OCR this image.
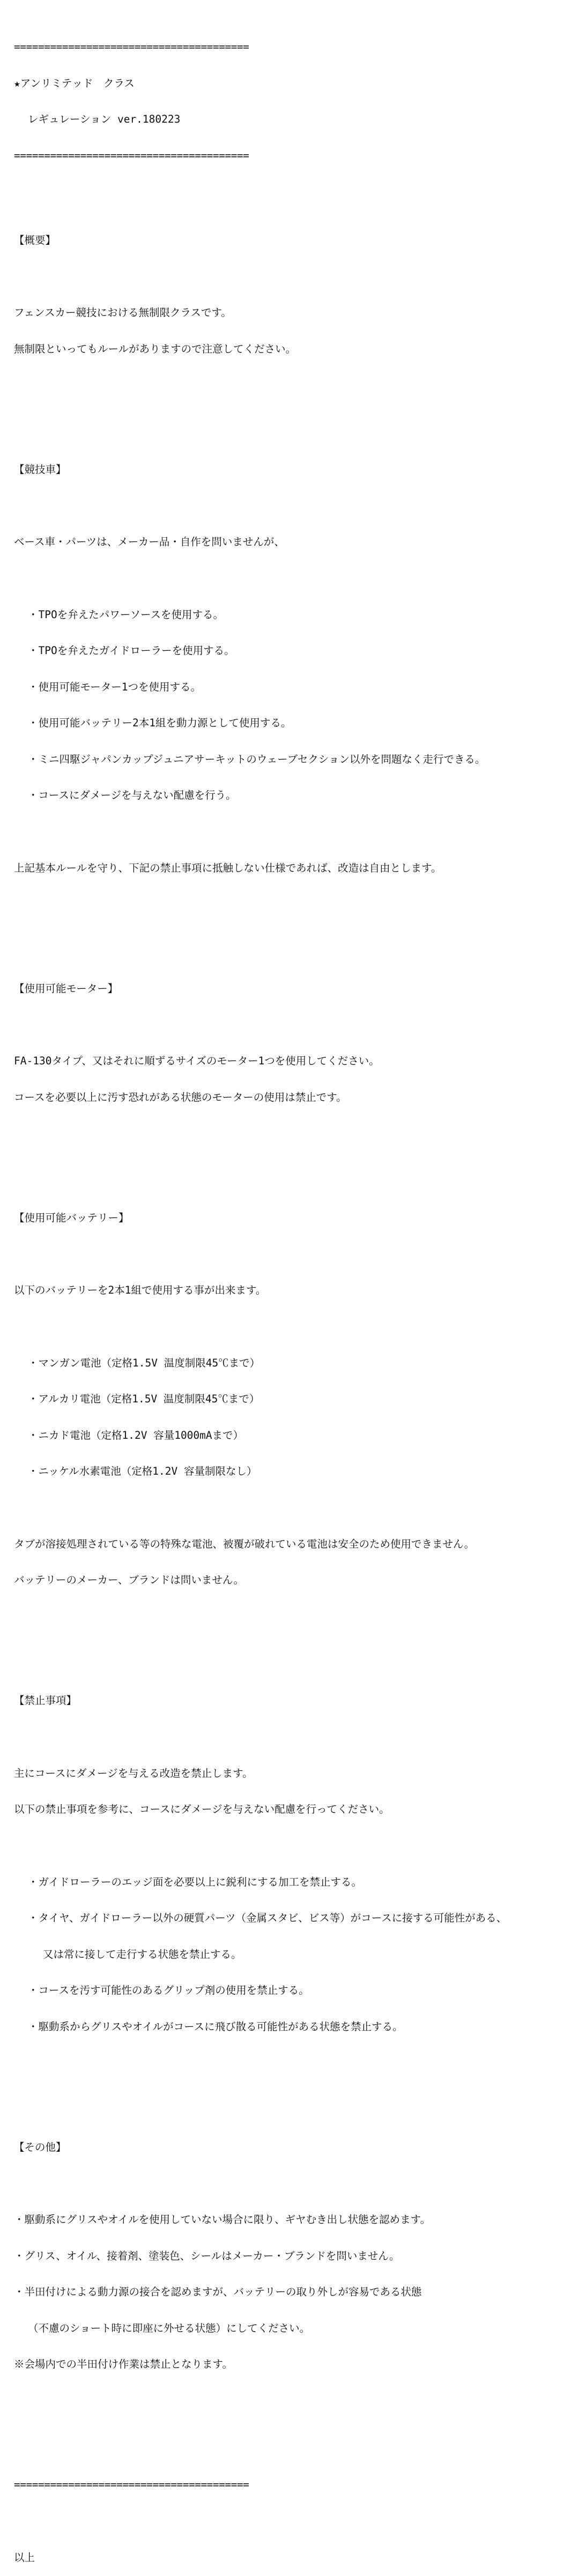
=======================================

★アンリミテッド　クラス

レギュレーション ver.180223

=======================================

【概要】

フェンスカー競技における無制限クラスです。

無制限といってもルールがありますので注意してください。

【競技車】

ベース車・パーツは、メーカー品・自作を問いませんが、

・TPOを弁えたパワーソースを使用する。

・TPOを弁えたガイドローラーを使用する。

・使用可能モーター1つを使用する。

・使用可能バッテリー2本1組を動力源として使用する。

・ミニ四駆ジャパンカップジュニアサーキットのウェーブセクション以外を問題なく走行できる。

・コースにダメージを与えない配慮を行う。

上記基本ルールを守り、下記の禁止事項に抵触しない仕様であれば、改造は自由とします。

【使用可能モーター】

FA-130タイプ、又はそれに順ずるサイズのモーター1つを使用してください。

コースを必要以上に汚す恐れがある状態のモーターの使用は禁止です。

【使用可能バッテリー】

以下のバッテリーを2本1組で使用する事が出来ます。

・マンガン電池（定格1.5V 温度制限45℃まで）

・アルカリ電池（定格1.5V 温度制限45℃まで）

・ニカド電池（定格1.2V 容量1000mAまで）

・ニッケル水素電池（定格1.2V 容量制限なし）

タブが溶接処理されている等の特殊な電池、被覆が破れている電池は安全のため使用できません。

バッテリーのメーカー、ブランドは問いません。

【禁止事項】

主にコースにダメージを与える改造を禁止します。

以下の禁止事項を参考に、コースにダメージを与えない配慮を行ってください。

・ガイドローラーのエッジ面を必要以上に鋭利にする加工を禁止する。

・タイヤ、ガイドローラー以外の硬質パーツ（金属スタビ、ビス等）がコースに接する可能性がある、

又は常に接して走行する状態を禁止する。

・コースを汚す可能性のあるグリップ剤の使用を禁止する。

・駆動系からグリスやオイルがコースに飛び散る可能性がある状態を禁止する。

【その他】

・駆動系にグリスやオイルを使用していない場合に限り、ギヤむき出し状態を認めます。

・グリス、オイル、接着剤、塗装色、シールはメーカー・ブランドを問いません。

・半田付けによる動力源の接合を認めますが、バッテリーの取り外しが容易である状態

（不慮のショート時に即座に外せる状態）にしてください。

※会場内での半田付け作業は禁止となります。

=======================================

以上
